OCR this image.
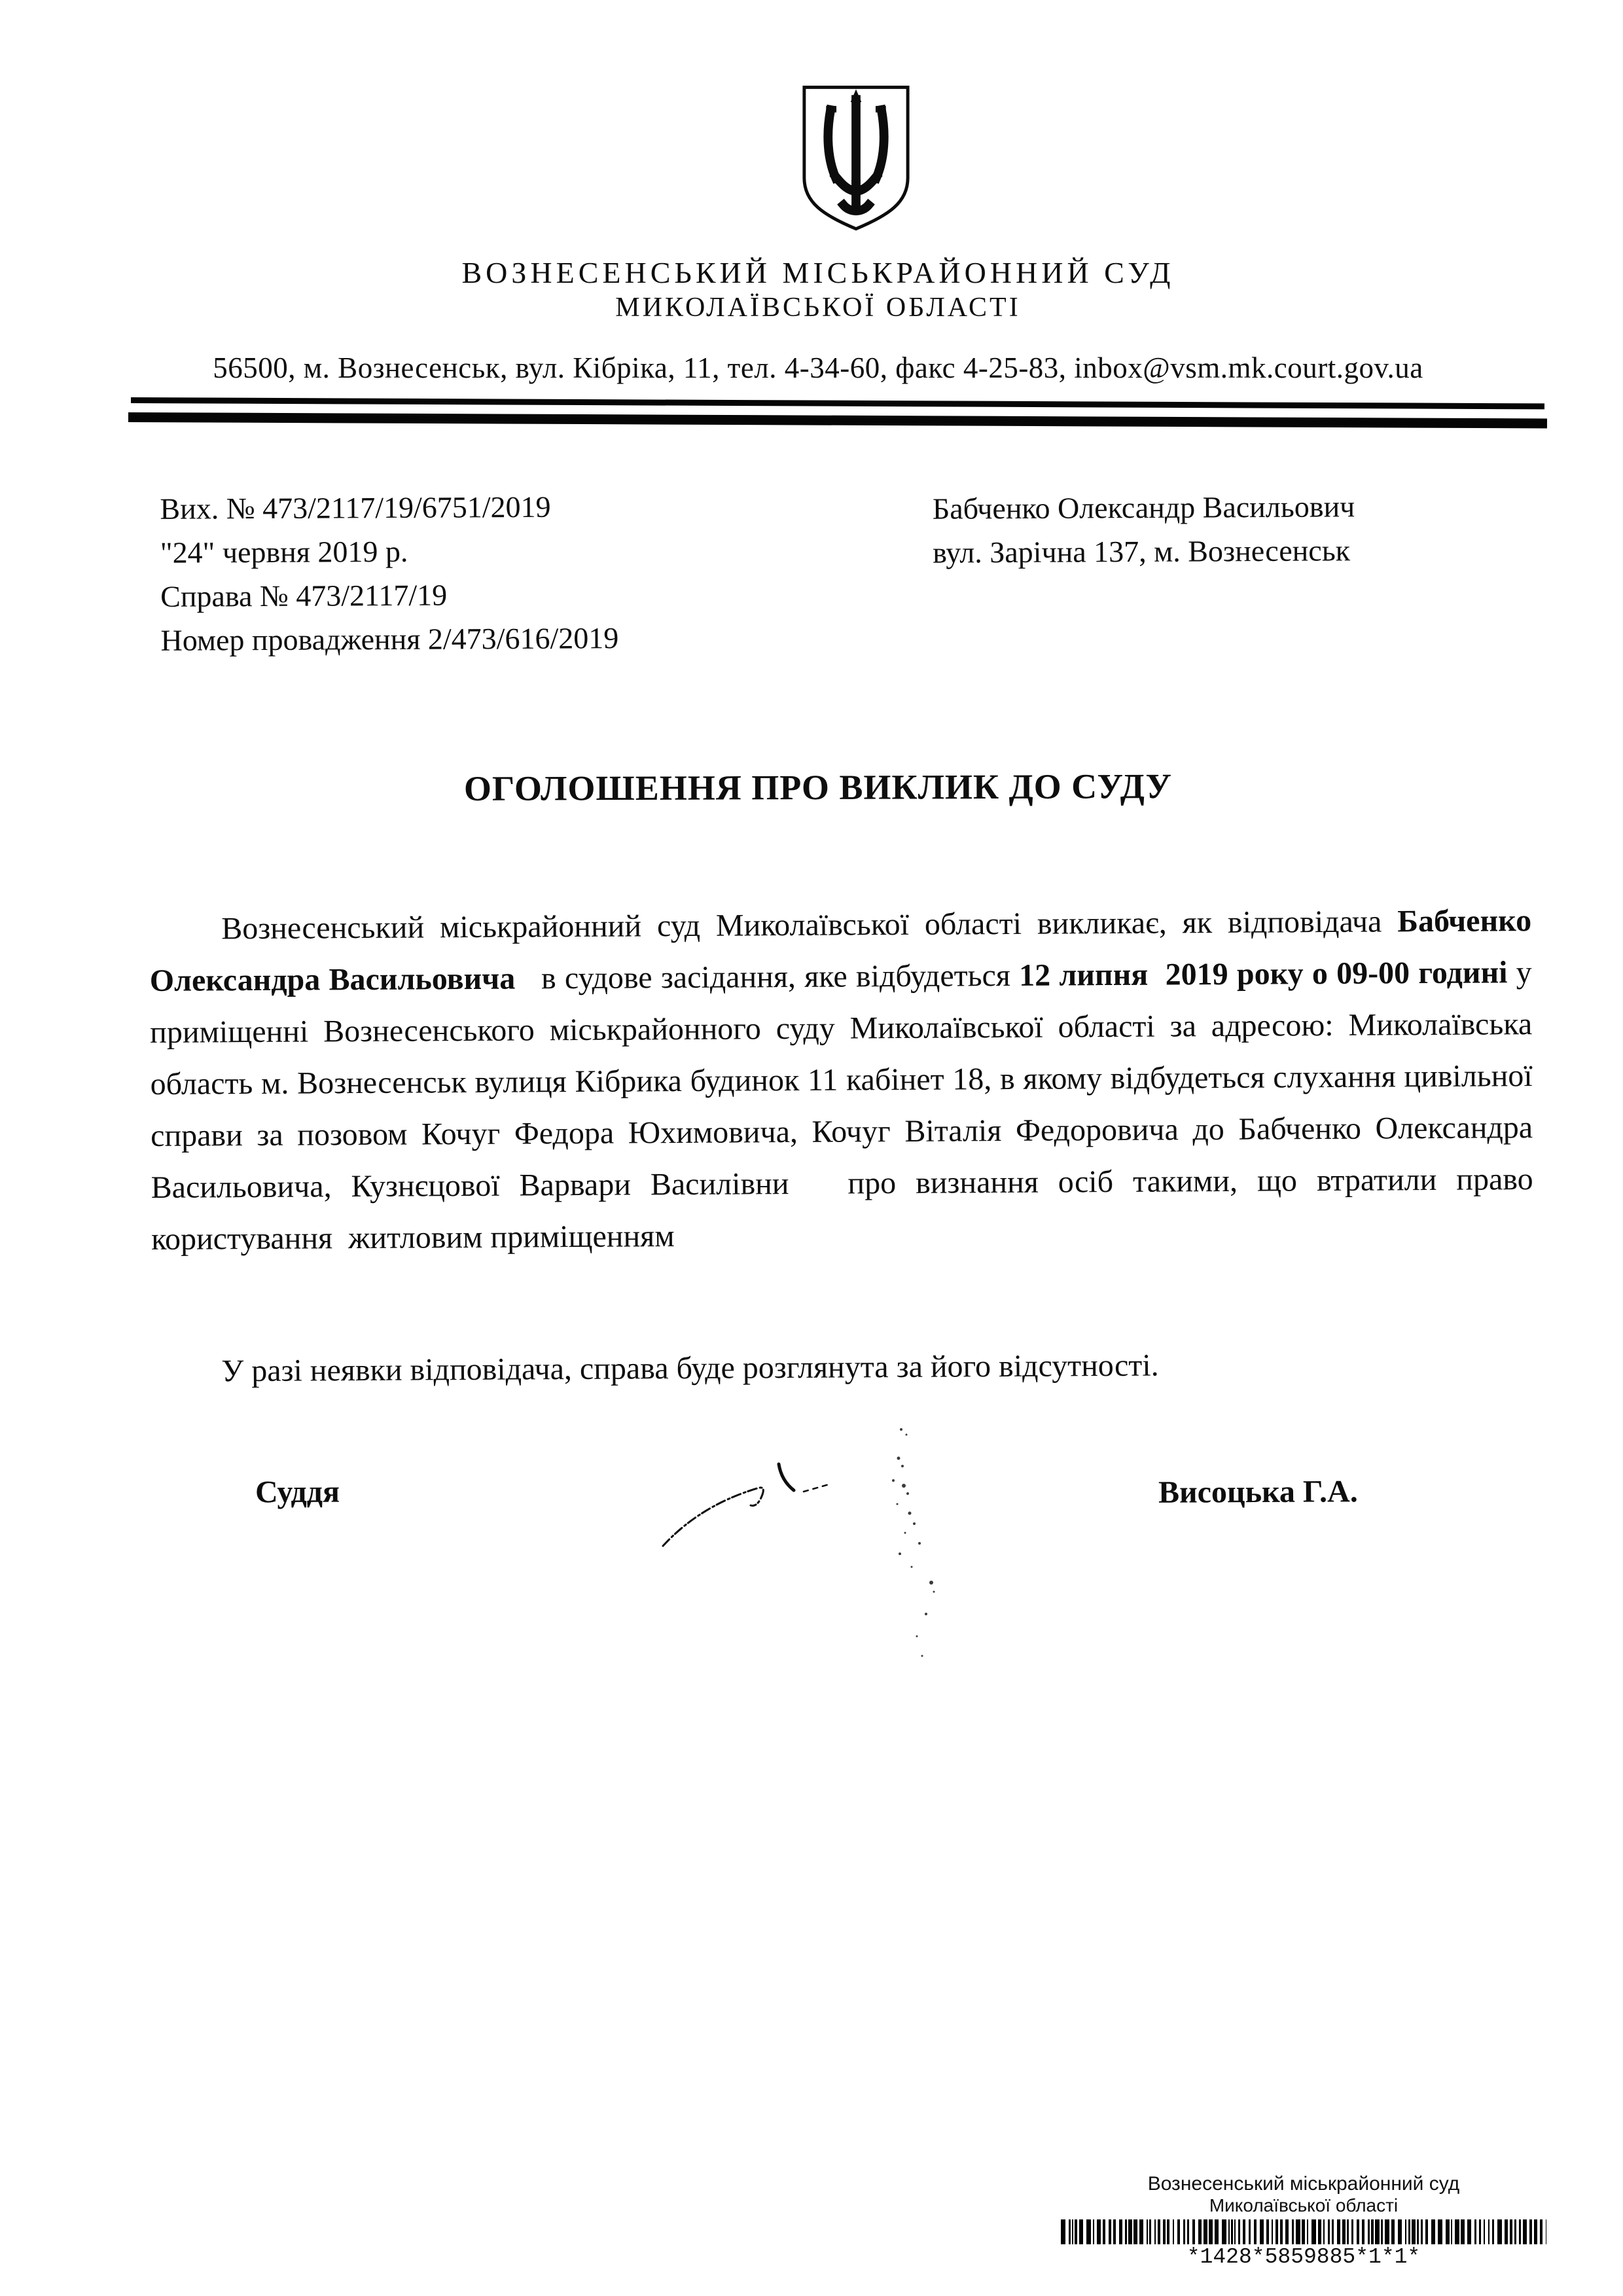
ВОЗНЕСЕНСЬКИЙ МІСЬКРАЙОННИЙ СУД
МИКОЛАЇВСЬКОЇ ОБЛАСТІ
56500, м. Вознесенськ, вул. Кібріка, 11, тел. 4-34-60, факс 4-25-83, inbox@vsm.mk.court.gov.ua
Вих. № 473/2117/19/6751/2019
"24" червня 2019 р.
Справа № 473/2117/19
Номер провадження 2/473/616/2019
Бабченко Олександр Васильович
вул. Зарічна 137, м. Вознесенськ
ОГОЛОШЕННЯ ПРО ВИКЛИК ДО СУДУ

Вознесенський міськрайонний суд Миколаївської області викликає, як відповідача Бабченко Олександра Васильовича   в судове засідання, яке відбудеться 12 липня  2019 року о 09-00 годині у приміщенні Вознесенського міськрайонного суду Миколаївської області за адресою: Миколаївська область м. Вознесенськ вулиця Кібрика будинок 11 кабінет 18, в якому відбудеться слухання цивільної справи за позовом Кочуг Федора Юхимовича, Кочуг Віталія Федоровича до Бабченко Олександра Васильовича, Кузнєцової Варвари Василівни   про визнання осіб такими, що втратили право користування  житловим приміщенням

У разі неявки відповідача, справа буде розглянута за його відсутності.

Суддя	Висоцька Г.А.
Вознесенський міськрайонний суд
Миколаївської області
*1428*5859885*1*1*
